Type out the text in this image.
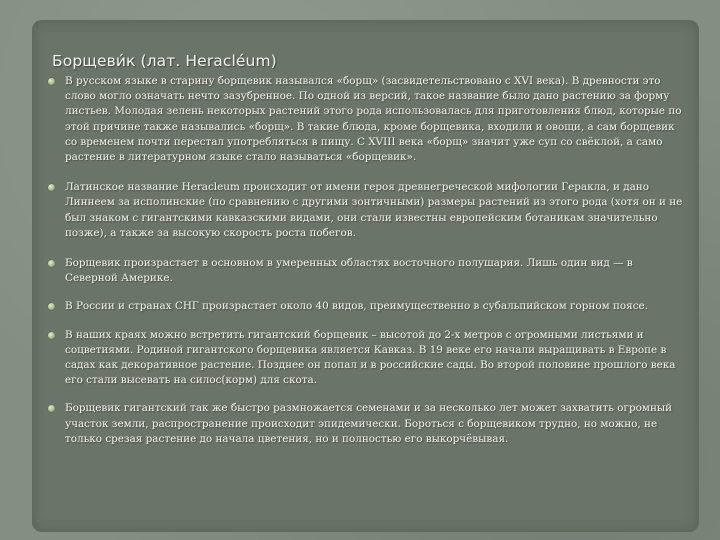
Борщеви́к (лат. Heracléum)
В русском языке в старину борщевик назывался «борщ» (засвидетельствовано с XVI века). В древности это слово могло означать нечто зазубренное. По одной из версий, такое название было дано растению за форму листьев. Молодая зелень некоторых растений этого рода использовалась для приготовления блюд, которые по этой причине также назывались «борщ». В такие блюда, кроме борщевика, входили и овощи, а сам борщевик со временем почти перестал употребляться в пищу. С XVIII века «борщ» значит уже суп со свёклой, а само растение в литературном языке стало называться «борщевик».
Латинское название Heracleum происходит от имени героя древнегреческой мифологии Геракла, и дано Линнеем за исполинские (по сравнению с другими зонтичными) размеры растений из этого рода (хотя он и не был знаком с гигантскими кавказскими видами, они стали известны европейским ботаникам значительно позже), а также за высокую скорость роста побегов.
Борщевик произрастает в основном в умеренных областях восточного полушария. Лишь один вид — в Северной Америке.
В России и странах СНГ произрастает около 40 видов, преимущественно в субальпийском горном поясе.
В наших краях можно встретить гигантский борщевик – высотой до 2-х метров с огромными листьями и соцветиями. Родиной гигантского борщевика является Кавказ. В 19 веке его начали выращивать в Европе в садах как декоративное растение. Позднее он попал и в российские сады. Во второй половине прошлого века его стали высевать на силос(корм) для скота.
Борщевик гигантский так же быстро размножается семенами и за несколько лет может захватить огромный участок земли, распространение происходит эпидемически. Бороться с борщевиком трудно, но можно, не только срезая растение до начала цветения, но и полностью его выкорчёвывая.
